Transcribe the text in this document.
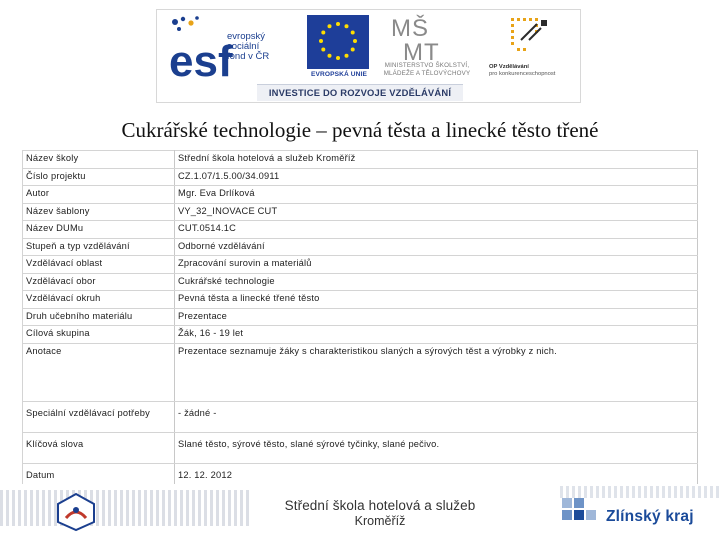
esf
evropský
sociální
fond v ČR
EVROPSKÁ UNIE
MŠ
MT
MINISTERSTVO ŠKOLSTVÍ,
MLÁDEŽE A TĚLOVÝCHOVY
OP Vzdělávání
pro konkurenceschopnost
INVESTICE DO ROZVOJE VZDĚLÁVÁNÍ
Cukrářské technologie – pevná těsta a linecké těsto třené
Název školy	Střední škola hotelová a služeb Kroměříž
Číslo projektu	CZ.1.07/1.5.00/34.0911
Autor	Mgr. Eva Drlíková
Název šablony	VY_32_INOVACE CUT
Název DUMu	CUT.0514.1C
Stupeň a typ vzdělávání	Odborné vzdělávání
Vzdělávací oblast	Zpracování surovin a materiálů
Vzdělávací obor	Cukrářské technologie
Vzdělávací okruh	Pevná těsta a linecké třené těsto
Druh učebního materiálu	Prezentace
Cílová skupina	Žák, 16 - 19 let
Anotace	Prezentace seznamuje žáky s charakteristikou slaných a sýrových těst a výrobky z nich.
Speciální vzdělávací potřeby	- žádné -
Klíčová slova	Slané těsto, sýrové těsto, slané sýrové tyčinky, slané pečivo.
Datum	12. 12. 2012
Střední škola hotelová a služeb
Kroměříž	Zlínský kraj
